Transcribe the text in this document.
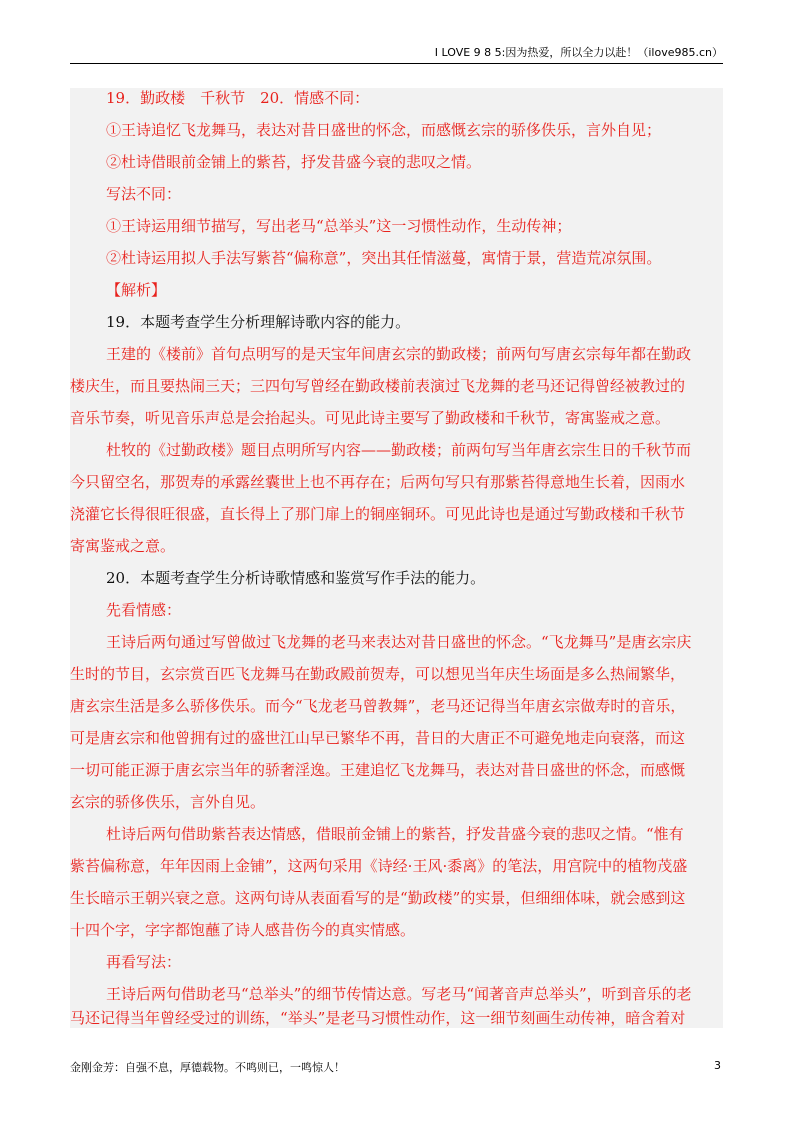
I LOVE 9 8 5:因为热爱，所以全力以赴！（ilove985.cn）
19．勤政楼　千秋节　20．情感不同：
①王诗追忆飞龙舞马，表达对昔日盛世的怀念，而感慨玄宗的骄侈佚乐，言外自见；
②杜诗借眼前金铺上的紫苔，抒发昔盛今衰的悲叹之情。
写法不同：
①王诗运用细节描写，写出老马“总举头”这一习惯性动作，生动传神；
②杜诗运用拟人手法写紫苔“偏称意”，突出其任情滋蔓，寓情于景，营造荒凉氛围。
【解析】
19．本题考查学生分析理解诗歌内容的能力。
王建的《楼前》首句点明写的是天宝年间唐玄宗的勤政楼；前两句写唐玄宗每年都在勤政
楼庆生，而且要热闹三天；三四句写曾经在勤政楼前表演过飞龙舞的老马还记得曾经被教过的
音乐节奏，听见音乐声总是会抬起头。可见此诗主要写了勤政楼和千秋节，寄寓鉴戒之意。
杜牧的《过勤政楼》题目点明所写内容——勤政楼；前两句写当年唐玄宗生日的千秋节而
今只留空名，那贺寿的承露丝囊世上也不再存在；后两句写只有那紫苔得意地生长着，因雨水
浇灌它长得很旺很盛，直长得上了那门扉上的铜座铜环。可见此诗也是通过写勤政楼和千秋节
寄寓鉴戒之意。
20．本题考查学生分析诗歌情感和鉴赏写作手法的能力。
先看情感：
王诗后两句通过写曾做过飞龙舞的老马来表达对昔日盛世的怀念。“飞龙舞马”是唐玄宗庆
生时的节目，玄宗赏百匹飞龙舞马在勤政殿前贺寿，可以想见当年庆生场面是多么热闹繁华，
唐玄宗生活是多么骄侈佚乐。而今“飞龙老马曾教舞”，老马还记得当年唐玄宗做寿时的音乐，
可是唐玄宗和他曾拥有过的盛世江山早已繁华不再，昔日的大唐正不可避免地走向衰落，而这
一切可能正源于唐玄宗当年的骄奢淫逸。王建追忆飞龙舞马，表达对昔日盛世的怀念，而感慨
玄宗的骄侈佚乐，言外自见。
杜诗后两句借助紫苔表达情感，借眼前金铺上的紫苔，抒发昔盛今衰的悲叹之情。“惟有
紫苔偏称意，年年因雨上金铺”，这两句采用《诗经·王风·黍离》的笔法，用宫院中的植物茂盛
生长暗示王朝兴衰之意。这两句诗从表面看写的是“勤政楼”的实景，但细细体味，就会感到这
十四个字，字字都饱蘸了诗人感昔伤今的真实情感。
再看写法：
王诗后两句借助老马“总举头”的细节传情达意。写老马“闻著音声总举头”，听到音乐的老
马还记得当年曾经受过的训练，“举头”是老马习惯性动作，这一细节刻画生动传神，暗含着对
金刚金芳：自强不息，厚德载物。不鸣则已，一鸣惊人！	3
